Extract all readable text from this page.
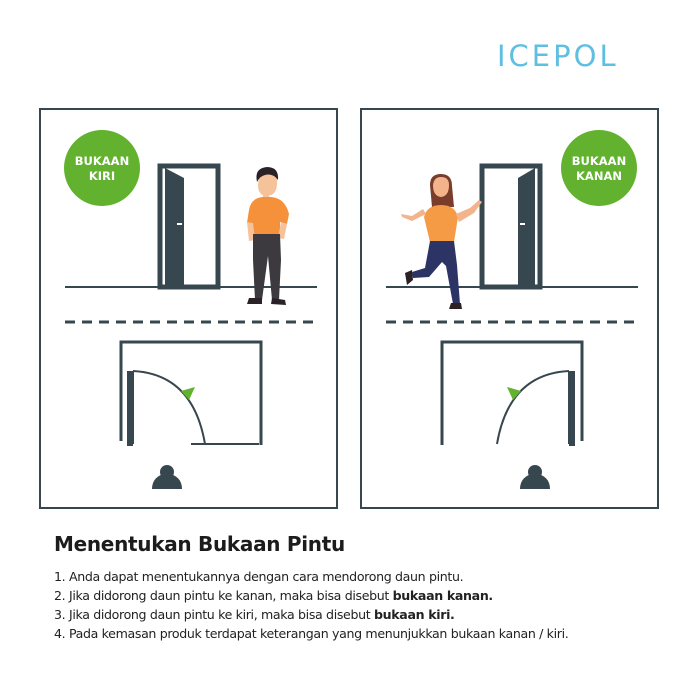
ICEPOL
BUKAAN
KIRI
BUKAAN
KANAN
Menentukan Bukaan Pintu
1. Anda dapat menentukannya dengan cara mendorong daun pintu.
2. Jika didorong daun pintu ke kanan, maka bisa disebut bukaan kanan.
3. Jika didorong daun pintu ke kiri, maka bisa disebut bukaan kiri.
4. Pada kemasan produk terdapat keterangan yang menunjukkan bukaan kanan / kiri.
